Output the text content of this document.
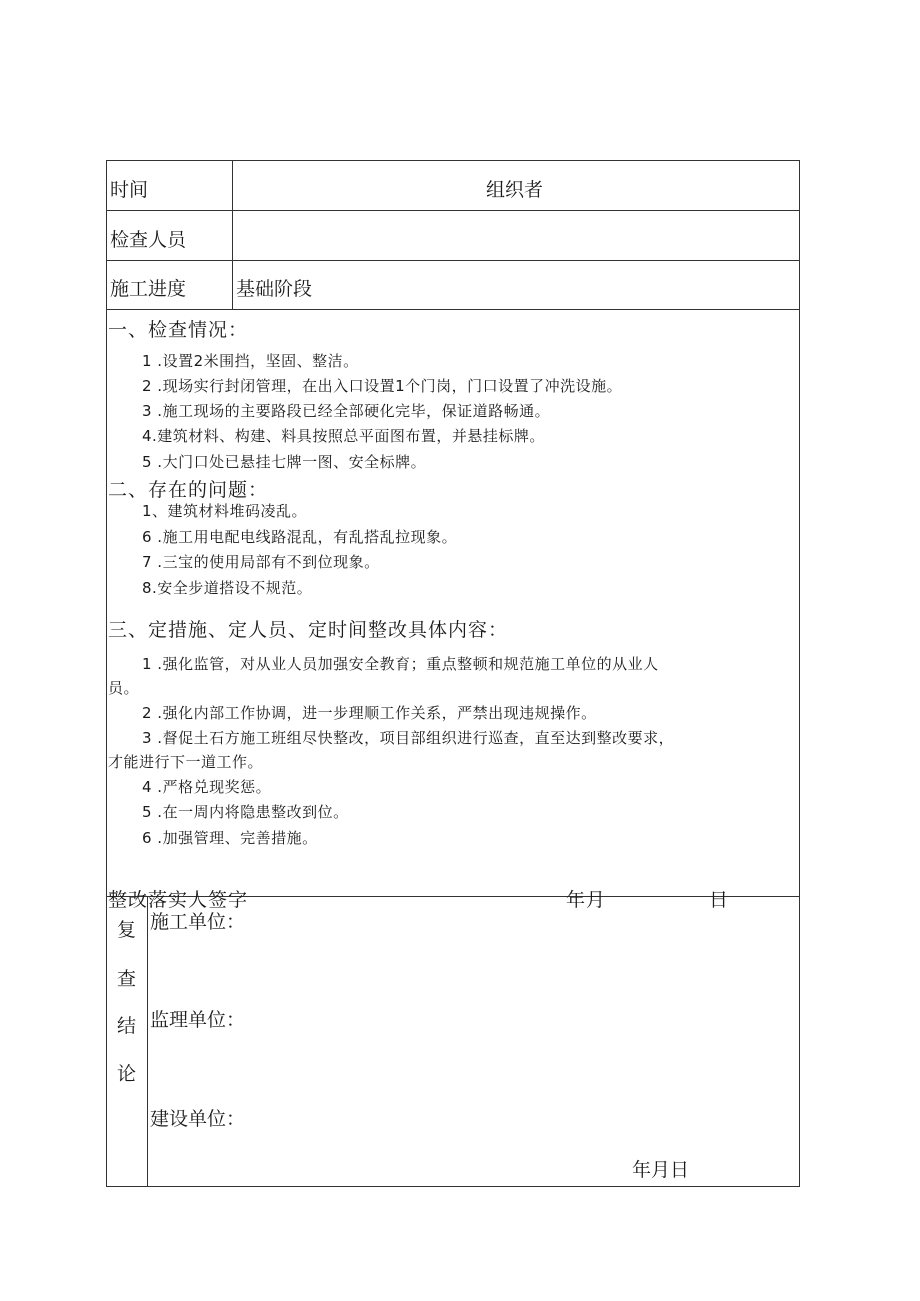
时间	组织者
检查人员
施工进度	基础阶段
一、检查情况：
1 .设置2米围挡，坚固、整洁。
2 .现场实行封闭管理，在出入口设置1个门岗，门口设置了冲洗设施。
3 .施工现场的主要路段已经全部硬化完毕，保证道路畅通。
4.建筑材料、构建、料具按照总平面图布置，并悬挂标牌。
5 .大门口处已悬挂七牌一图、安全标牌。
二、存在的问题：
1、建筑材料堆码凌乱。
6 .施工用电配电线路混乱，有乱搭乱拉现象。
7 .三宝的使用局部有不到位现象。
8.安全步道搭设不规范。
三、定措施、定人员、定时间整改具体内容：
1 .强化监管，对从业人员加强安全教育；重点整顿和规范施工单位的从业人
员。
2 .强化内部工作协调，进一步理顺工作关系，严禁出现违规操作。
3 .督促土石方施工班组尽快整改，项目部组织进行巡查，直至达到整改要求，
才能进行下一道工作。
4 .严格兑现奖惩。
5 .在一周内将隐患整改到位。
6 .加强管理、完善措施。
整改落实人签字	年月	日
复
查
结
论
施工单位：
监理单位：
建设单位：
年月日
